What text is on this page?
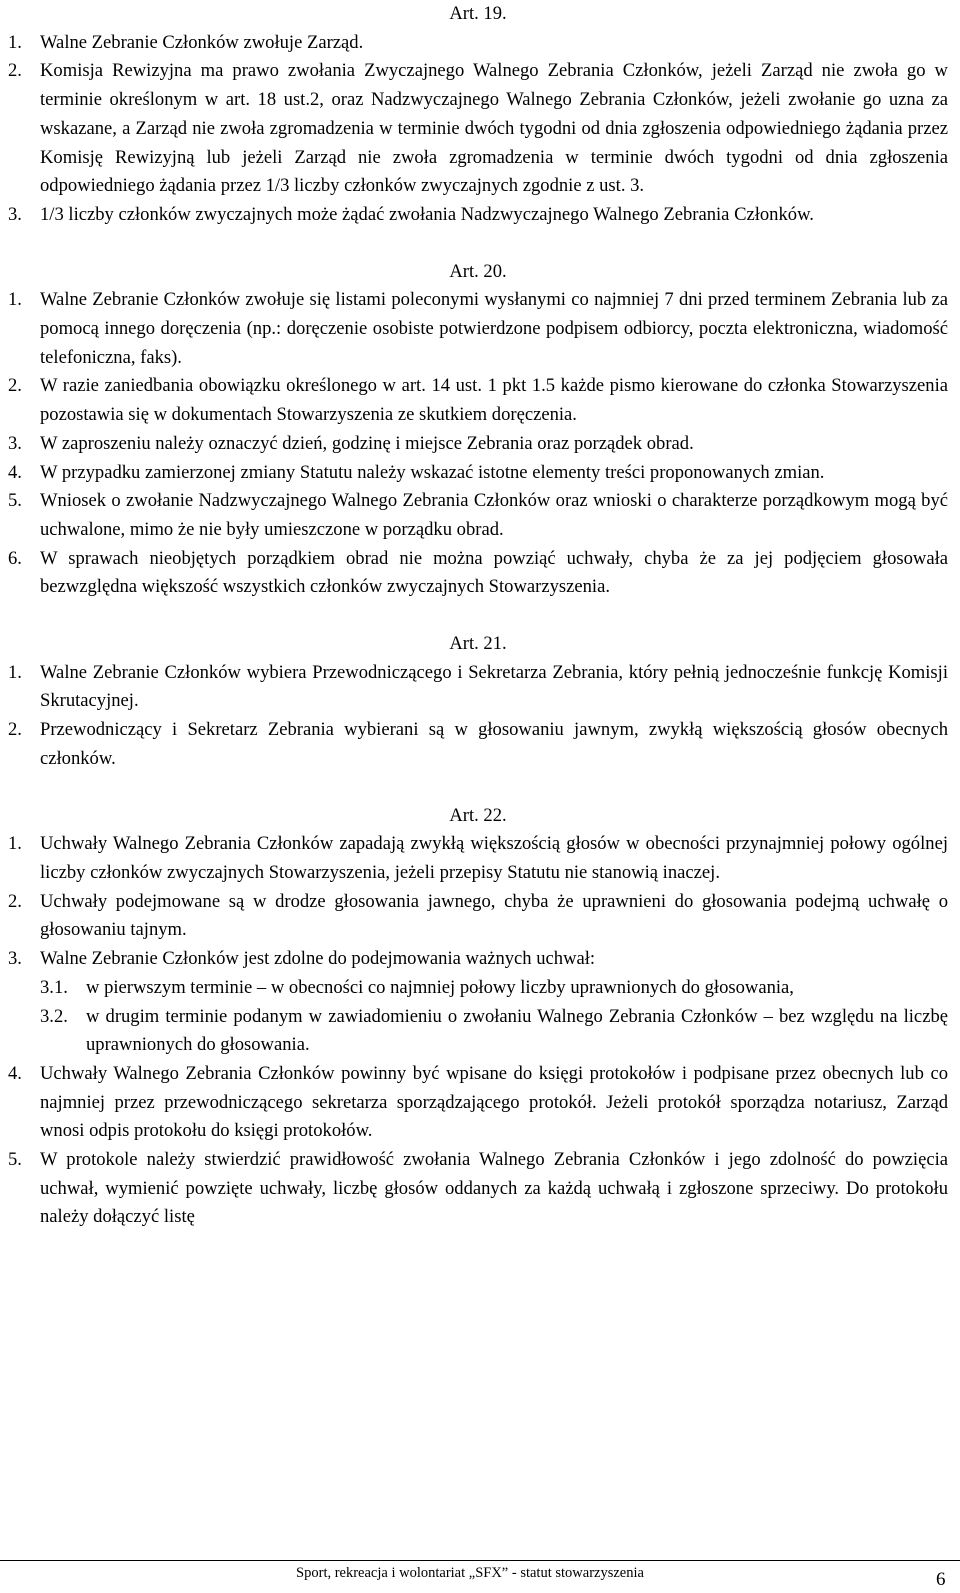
Art. 19.

1. Walne Zebranie Członków zwołuje Zarząd.

2. Komisja Rewizyjna ma prawo zwołania Zwyczajnego Walnego Zebrania Członków, jeżeli Zarząd nie zwoła go w terminie określonym w art. 18 ust.2, oraz Nadzwyczajnego Walnego Zebrania Członków, jeżeli zwołanie go uzna za wskazane, a Zarząd nie zwoła zgromadzenia w terminie dwóch tygodni od dnia zgłoszenia odpowiedniego żądania przez Komisję Rewizyjną lub jeżeli Zarząd nie zwoła zgromadzenia w terminie dwóch tygodni od dnia zgłoszenia odpowiedniego żądania przez 1/3 liczby członków zwyczajnych zgodnie z ust. 3.

3. 1/3 liczby członków zwyczajnych może żądać zwołania Nadzwyczajnego Walnego Zebrania Członków.

Art. 20.

1. Walne Zebranie Członków zwołuje się listami poleconymi wysłanymi co najmniej 7 dni przed terminem Zebrania lub za pomocą innego doręczenia (np.: doręczenie osobiste potwierdzone podpisem odbiorcy, poczta elektroniczna, wiadomość telefoniczna, faks).

2. W razie zaniedbania obowiązku określonego w art. 14 ust. 1 pkt 1.5 każde pismo kierowane do członka Stowarzyszenia pozostawia się w dokumentach Stowarzyszenia ze skutkiem doręczenia.

3. W zaproszeniu należy oznaczyć dzień, godzinę i miejsce Zebrania oraz porządek obrad.

4. W przypadku zamierzonej zmiany Statutu należy wskazać istotne elementy treści proponowanych zmian.

5. Wniosek o zwołanie Nadzwyczajnego Walnego Zebrania Członków oraz wnioski o charakterze porządkowym mogą być uchwalone, mimo że nie były umieszczone w porządku obrad.

6. W sprawach nieobjętych porządkiem obrad nie można powziąć uchwały, chyba że za jej podjęciem głosowała bezwzględna większość wszystkich członków zwyczajnych Stowarzyszenia.

Art. 21.

1. Walne Zebranie Członków wybiera Przewodniczącego i Sekretarza Zebrania, który pełnią jednocześnie funkcję Komisji Skrutacyjnej.

2. Przewodniczący i Sekretarz Zebrania wybierani są w głosowaniu jawnym, zwykłą większością głosów obecnych członków.

Art. 22.

1. Uchwały Walnego Zebrania Członków zapadają zwykłą większością głosów w obecności przynajmniej połowy ogólnej liczby członków zwyczajnych Stowarzyszenia, jeżeli przepisy Statutu nie stanowią inaczej.

2. Uchwały podejmowane są w drodze głosowania jawnego, chyba że uprawnieni do głosowania podejmą uchwałę o głosowaniu tajnym.

3. Walne Zebranie Członków jest zdolne do podejmowania ważnych uchwał:

3.1. w pierwszym terminie – w obecności co najmniej połowy liczby uprawnionych do głosowania,

3.2. w drugim terminie podanym w zawiadomieniu o zwołaniu Walnego Zebrania Członków – bez względu na liczbę uprawnionych do głosowania.

4. Uchwały Walnego Zebrania Członków powinny być wpisane do księgi protokołów i podpisane przez obecnych lub co najmniej przez przewodniczącego sekretarza sporządzającego protokół. Jeżeli protokół sporządza notariusz, Zarząd wnosi odpis protokołu do księgi protokołów.

5. W protokole należy stwierdzić prawidłowość zwołania Walnego Zebrania Członków i jego zdolność do powzięcia uchwał, wymienić powzięte uchwały, liczbę głosów oddanych za każdą uchwałą i zgłoszone sprzeciwy. Do protokołu należy dołączyć listę

Sport, rekreacja i wolontariat „SFX” - statut stowarzyszenia	6
